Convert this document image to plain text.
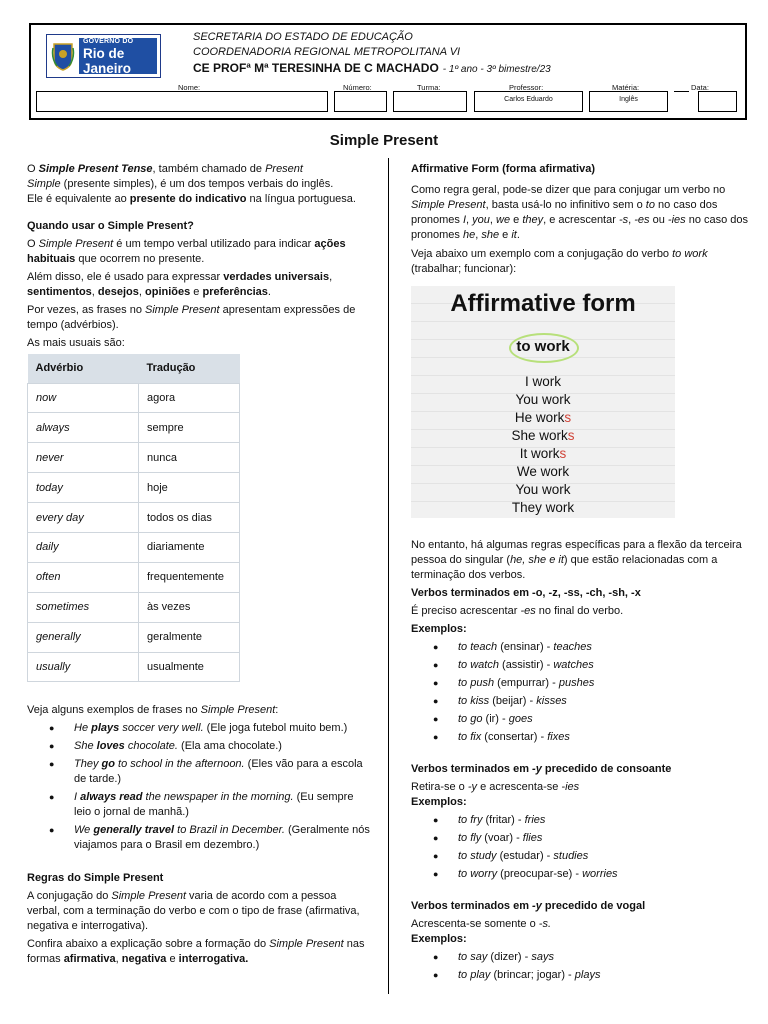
GOVERNO DO
Rio de Janeiro
SECRETARIA DO ESTADO DE EDUCAÇÃO
COORDENADORIA REGIONAL METROPOLITANA VI
CE PROFª Mª TERESINHA DE C MACHADO - 1º ano - 3º bimestre/23
Nome:	Número:	Turma:	Professor:
Carlos Eduardo
Matéria:
Inglês
Data:
Simple Present

O Simple Present Tense, também chamado de Present
Simple (presente simples), é um dos tempos verbais do inglês.

Ele é equivalente ao presente do indicativo na língua portuguesa.

Quando usar o Simple Present?

O Simple Present é um tempo verbal utilizado para indicar ações habituais que ocorrem no presente.

Além disso, ele é usado para expressar verdades universais, sentimentos, desejos, opiniões e preferências.

Por vezes, as frases no Simple Present apresentam expressões de tempo (advérbios).

As mais usuais são:

Advérbio	Tradução
now	agora
always	sempre
never	nunca
today	hoje
every day	todos os dias
daily	diariamente
often	frequentemente
sometimes	às vezes
generally	geralmente
usually	usualmente

Veja alguns exemplos de frases no Simple Present:

● He plays soccer very well. (Ele joga futebol muito bem.)
● She loves chocolate. (Ela ama chocolate.)
● They go to school in the afternoon. (Eles vão para a escola de tarde.)
● I always read the newspaper in the morning. (Eu sempre leio o jornal de manhã.)
● We generally travel to Brazil in December. (Geralmente nós viajamos para o Brasil em dezembro.)

Regras do Simple Present

A conjugação do Simple Present varia de acordo com a pessoa verbal, com a terminação do verbo e com o tipo de frase (afirmativa, negativa e interrogativa).

Confira abaixo a explicação sobre a formação do Simple Present nas formas afirmativa, negativa e interrogativa.

Affirmative Form (forma afirmativa)

Como regra geral, pode-se dizer que para conjugar um verbo no Simple Present, basta usá-lo no infinitivo sem o to no caso dos pronomes I, you, we e they, e acrescentar -s, -es ou -ies no caso dos pronomes he, she e it.

Veja abaixo um exemplo com a conjugação do verbo to work (trabalhar; funcionar):

Affirmative form
to work
I work
You work
He works
She works
It works
We work
You work
They work

No entanto, há algumas regras específicas para a flexão da terceira pessoa do singular (he, she e it) que estão relacionadas com a terminação dos verbos.

Verbos terminados em -o, -z, -ss, -ch, -sh, -x

É preciso acrescentar -es no final do verbo.

Exemplos:

● to teach (ensinar) - teaches
● to watch (assistir) - watches
● to push (empurrar) - pushes
● to kiss (beijar) - kisses
● to go (ir) - goes
● to fix (consertar) - fixes

Verbos terminados em -y precedido de consoante

Retira-se o -y e acrescenta-se -ies

Exemplos:

● to fry (fritar) - fries
● to fly (voar) - flies
● to study (estudar) - studies
● to worry (preocupar-se) - worries

Verbos terminados em -y precedido de vogal

Acrescenta-se somente o -s.

Exemplos:

● to say (dizer) - says
● to play (brincar; jogar) - plays
